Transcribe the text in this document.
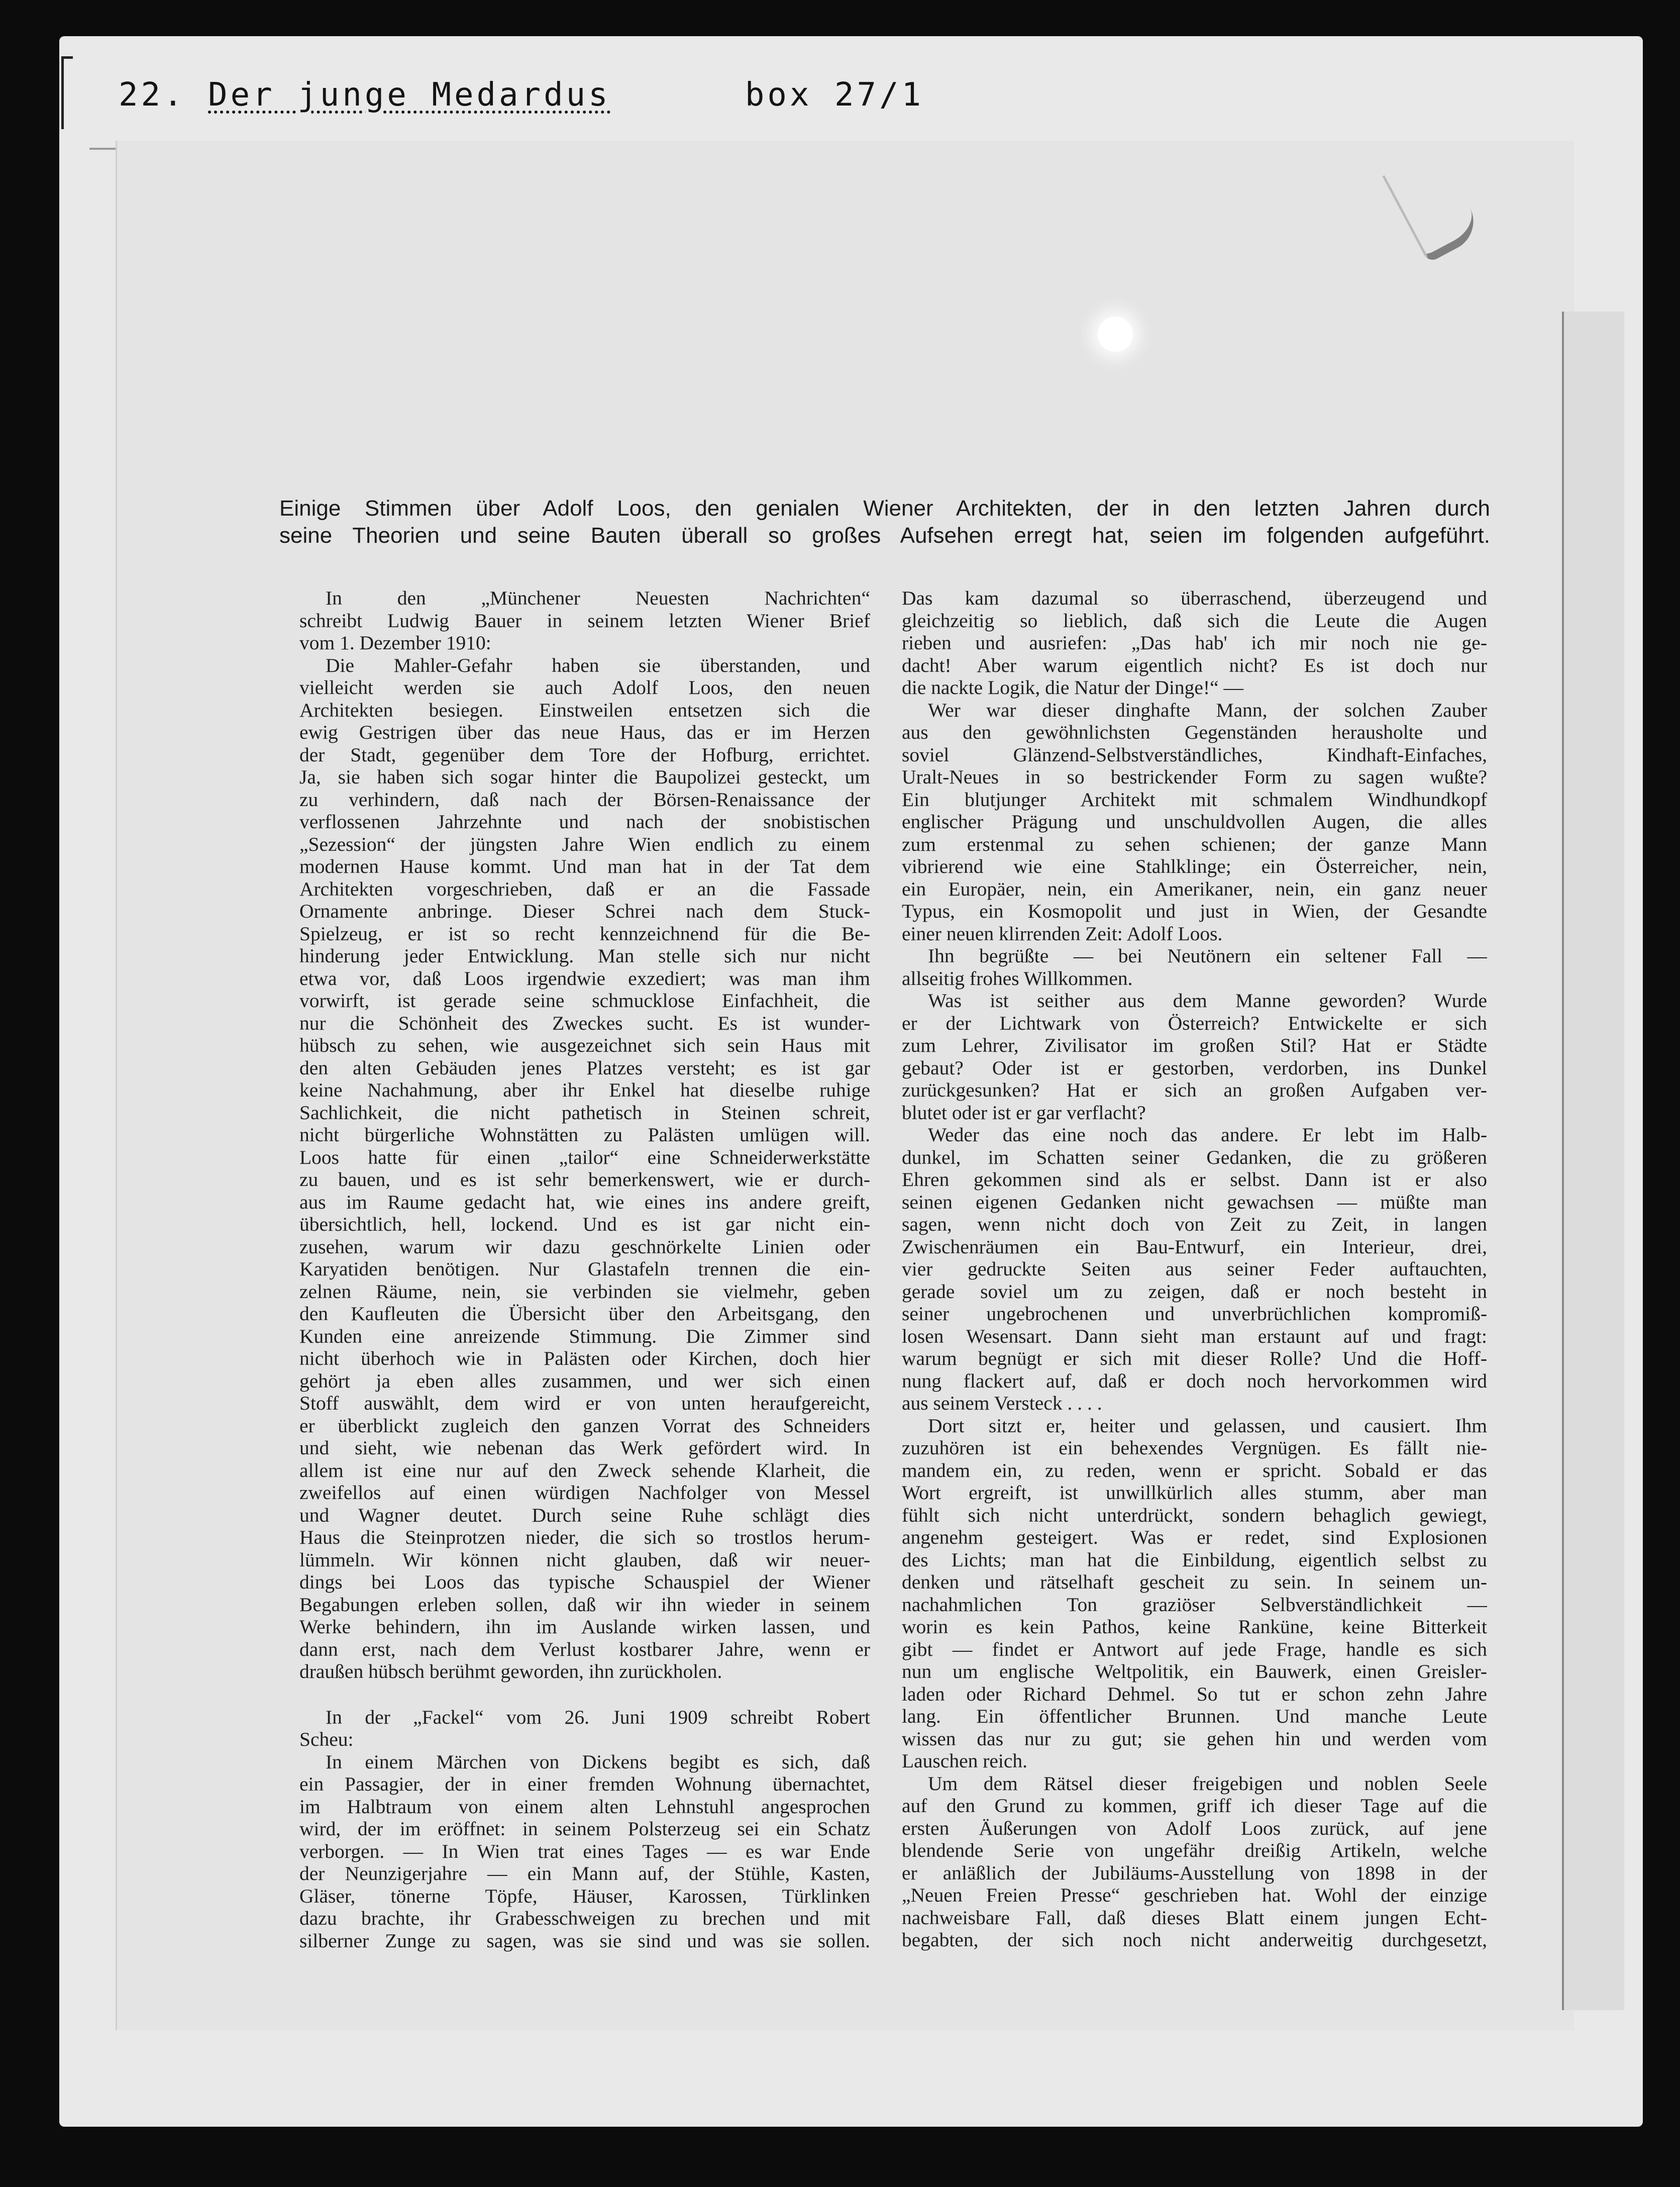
22. Der junge Medardus	box 27/1
Einige Stimmen über Adolf Loos, den genialen Wiener Architekten, der in den letzten Jahren durch
seine Theorien und seine Bauten überall so großes Aufsehen erregt hat, seien im folgenden aufgeführt.
In den „Münchener Neuesten Nachrichten“
schreibt Ludwig Bauer in seinem letzten Wiener Brief
vom 1. Dezember 1910:
Die Mahler-Gefahr haben sie überstanden, und
vielleicht werden sie auch Adolf Loos, den neuen
Architekten besiegen. Einstweilen entsetzen sich die
ewig Gestrigen über das neue Haus, das er im Herzen
der Stadt, gegenüber dem Tore der Hofburg, errichtet.
Ja, sie haben sich sogar hinter die Baupolizei gesteckt, um
zu verhindern, daß nach der Börsen-Renaissance der
verflossenen Jahrzehnte und nach der snobistischen
„Sezession“ der jüngsten Jahre Wien endlich zu einem
modernen Hause kommt. Und man hat in der Tat dem
Architekten vorgeschrieben, daß er an die Fassade
Ornamente anbringe. Dieser Schrei nach dem Stuck-
Spielzeug, er ist so recht kennzeichnend für die Be-
hinderung jeder Entwicklung. Man stelle sich nur nicht
etwa vor, daß Loos irgendwie exzediert; was man ihm
vorwirft, ist gerade seine schmucklose Einfachheit, die
nur die Schönheit des Zweckes sucht. Es ist wunder-
hübsch zu sehen, wie ausgezeichnet sich sein Haus mit
den alten Gebäuden jenes Platzes versteht; es ist gar
keine Nachahmung, aber ihr Enkel hat dieselbe ruhige
Sachlichkeit, die nicht pathetisch in Steinen schreit,
nicht bürgerliche Wohnstätten zu Palästen umlügen will.
Loos hatte für einen „tailor“ eine Schneiderwerkstätte
zu bauen, und es ist sehr bemerkenswert, wie er durch-
aus im Raume gedacht hat, wie eines ins andere greift,
übersichtlich, hell, lockend. Und es ist gar nicht ein-
zusehen, warum wir dazu geschnörkelte Linien oder
Karyatiden benötigen. Nur Glastafeln trennen die ein-
zelnen Räume, nein, sie verbinden sie vielmehr, geben
den Kaufleuten die Übersicht über den Arbeitsgang, den
Kunden eine anreizende Stimmung. Die Zimmer sind
nicht überhoch wie in Palästen oder Kirchen, doch hier
gehört ja eben alles zusammen, und wer sich einen
Stoff auswählt, dem wird er von unten heraufgereicht,
er überblickt zugleich den ganzen Vorrat des Schneiders
und sieht, wie nebenan das Werk gefördert wird. In
allem ist eine nur auf den Zweck sehende Klarheit, die
zweifellos auf einen würdigen Nachfolger von Messel
und Wagner deutet. Durch seine Ruhe schlägt dies
Haus die Steinprotzen nieder, die sich so trostlos herum-
lümmeln. Wir können nicht glauben, daß wir neuer-
dings bei Loos das typische Schauspiel der Wiener
Begabungen erleben sollen, daß wir ihn wieder in seinem
Werke behindern, ihn im Auslande wirken lassen, und
dann erst, nach dem Verlust kostbarer Jahre, wenn er
draußen hübsch berühmt geworden, ihn zurückholen.
In der „Fackel“ vom 26. Juni 1909 schreibt Robert
Scheu:
In einem Märchen von Dickens begibt es sich, daß
ein Passagier, der in einer fremden Wohnung übernachtet,
im Halbtraum von einem alten Lehnstuhl angesprochen
wird, der im eröffnet: in seinem Polsterzeug sei ein Schatz
verborgen. — In Wien trat eines Tages — es war Ende
der Neunzigerjahre — ein Mann auf, der Stühle, Kasten,
Gläser, tönerne Töpfe, Häuser, Karossen, Türklinken
dazu brachte, ihr Grabesschweigen zu brechen und mit
silberner Zunge zu sagen, was sie sind und was sie sollen.
Das kam dazumal so überraschend, überzeugend und
gleichzeitig so lieblich, daß sich die Leute die Augen
rieben und ausriefen: „Das hab' ich mir noch nie ge-
dacht! Aber warum eigentlich nicht? Es ist doch nur
die nackte Logik, die Natur der Dinge!“ —
Wer war dieser dinghafte Mann, der solchen Zauber
aus den gewöhnlichsten Gegenständen herausholte und
soviel Glänzend-Selbstverständliches, Kindhaft-Einfaches,
Uralt-Neues in so bestrickender Form zu sagen wußte?
Ein blutjunger Architekt mit schmalem Windhundkopf
englischer Prägung und unschuldvollen Augen, die alles
zum erstenmal zu sehen schienen; der ganze Mann
vibrierend wie eine Stahlklinge; ein Österreicher, nein,
ein Europäer, nein, ein Amerikaner, nein, ein ganz neuer
Typus, ein Kosmopolit und just in Wien, der Gesandte
einer neuen klirrenden Zeit: Adolf Loos.
Ihn begrüßte — bei Neutönern ein seltener Fall —
allseitig frohes Willkommen.
Was ist seither aus dem Manne geworden? Wurde
er der Lichtwark von Österreich? Entwickelte er sich
zum Lehrer, Zivilisator im großen Stil? Hat er Städte
gebaut? Oder ist er gestorben, verdorben, ins Dunkel
zurückgesunken? Hat er sich an großen Aufgaben ver-
blutet oder ist er gar verflacht?
Weder das eine noch das andere. Er lebt im Halb-
dunkel, im Schatten seiner Gedanken, die zu größeren
Ehren gekommen sind als er selbst. Dann ist er also
seinen eigenen Gedanken nicht gewachsen — müßte man
sagen, wenn nicht doch von Zeit zu Zeit, in langen
Zwischenräumen ein Bau-Entwurf, ein Interieur, drei,
vier gedruckte Seiten aus seiner Feder auftauchten,
gerade soviel um zu zeigen, daß er noch besteht in
seiner ungebrochenen und unverbrüchlichen kompromiß-
losen Wesensart. Dann sieht man erstaunt auf und fragt:
warum begnügt er sich mit dieser Rolle? Und die Hoff-
nung flackert auf, daß er doch noch hervorkommen wird
aus seinem Versteck . . . .
Dort sitzt er, heiter und gelassen, und causiert. Ihm
zuzuhören ist ein behexendes Vergnügen. Es fällt nie-
mandem ein, zu reden, wenn er spricht. Sobald er das
Wort ergreift, ist unwillkürlich alles stumm, aber man
fühlt sich nicht unterdrückt, sondern behaglich gewiegt,
angenehm gesteigert. Was er redet, sind Explosionen
des Lichts; man hat die Einbildung, eigentlich selbst zu
denken und rätselhaft gescheit zu sein. In seinem un-
nachahmlichen Ton graziöser Selbverständlichkeit —
worin es kein Pathos, keine Ranküne, keine Bitterkeit
gibt — findet er Antwort auf jede Frage, handle es sich
nun um englische Weltpolitik, ein Bauwerk, einen Greisler-
laden oder Richard Dehmel. So tut er schon zehn Jahre
lang. Ein öffentlicher Brunnen. Und manche Leute
wissen das nur zu gut; sie gehen hin und werden vom
Lauschen reich.
Um dem Rätsel dieser freigebigen und noblen Seele
auf den Grund zu kommen, griff ich dieser Tage auf die
ersten Äußerungen von Adolf Loos zurück, auf jene
blendende Serie von ungefähr dreißig Artikeln, welche
er anläßlich der Jubiläums-Ausstellung von 1898 in der
„Neuen Freien Presse“ geschrieben hat. Wohl der einzige
nachweisbare Fall, daß dieses Blatt einem jungen Echt-
begabten, der sich noch nicht anderweitig durchgesetzt,
